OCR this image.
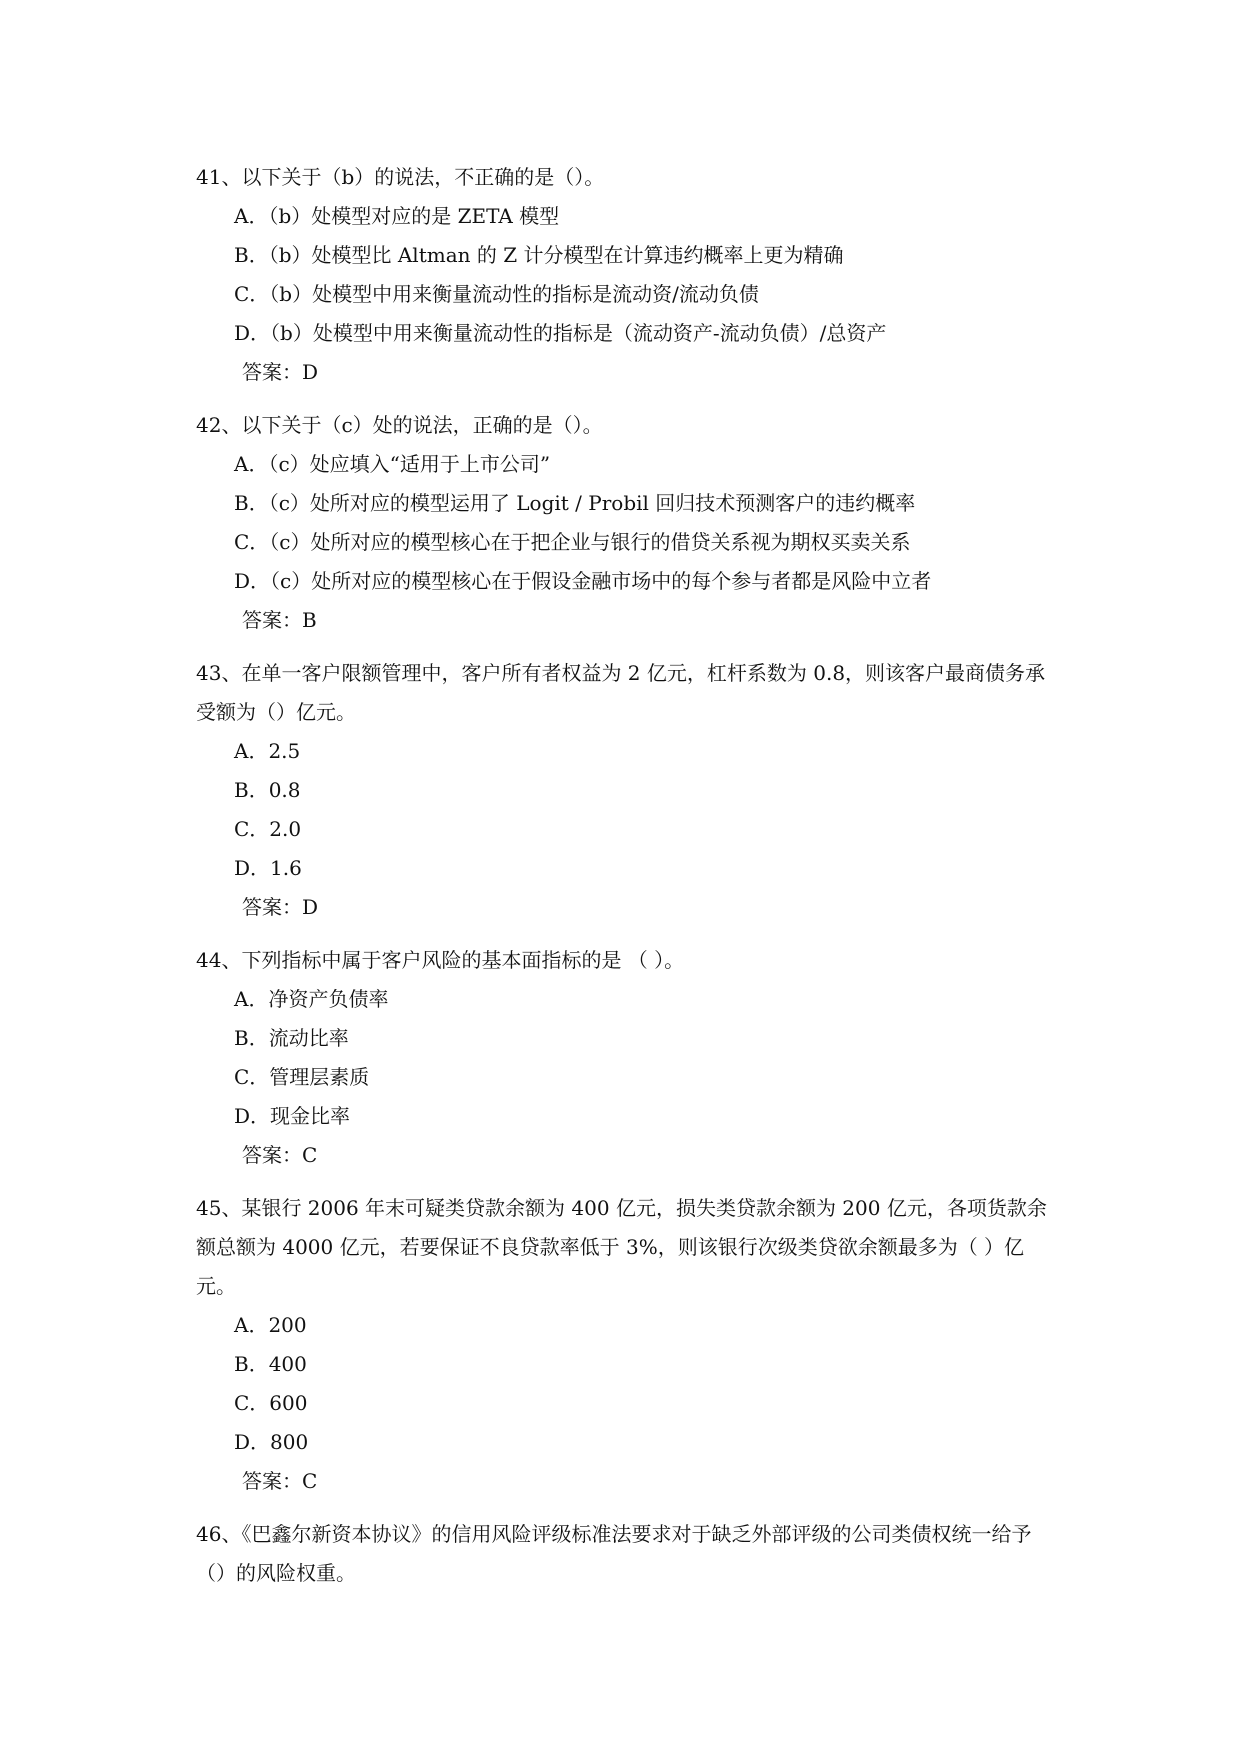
41、以下关于（b）的说法，不正确的是（）。

A．（b）处模型对应的是 ZETA 模型

B．（b）处模型比 Altman 的 Z 计分模型在计算违约概率上更为精确

C．（b）处模型中用来衡量流动性的指标是流动资/流动负债

D．（b）处模型中用来衡量流动性的指标是（流动资产-流动负债）/总资产

答案：D

42、以下关于（c）处的说法，正确的是（）。

A．（c）处应填入“适用于上市公司”

B．（c）处所对应的模型运用了 Logit / Probil 回归技术预测客户的违约概率

C．（c）处所对应的模型核心在于把企业与银行的借贷关系视为期权买卖关系

D．（c）处所对应的模型核心在于假设金融市场中的每个参与者都是风险中立者

答案：B

43、在单一客户限额管理中，客户所有者权益为 2 亿元，杠杆系数为 0.8，则该客户最商债务承受额为（）亿元。

A．2.5

B．0.8

C．2.0

D．1.6

答案：D

44、下列指标中属于客户风险的基本面指标的是 （ ）。

A．净资产负债率

B．流动比率

C．管理层素质

D．现金比率

答案：C

45、某银行 2006 年末可疑类贷款余额为 400 亿元，损失类贷款余额为 200 亿元，各项货款余额总额为 4000 亿元，若要保证不良贷款率低于 3%，则该银行次级类贷欲余额最多为（ ）亿元。

A．200

B．400

C．600

D．800

答案：C

46、《巴鑫尔新资本协议》的信用风险评级标准法要求对于缺乏外部评级的公司类债权统一给予（）的风险权重。
